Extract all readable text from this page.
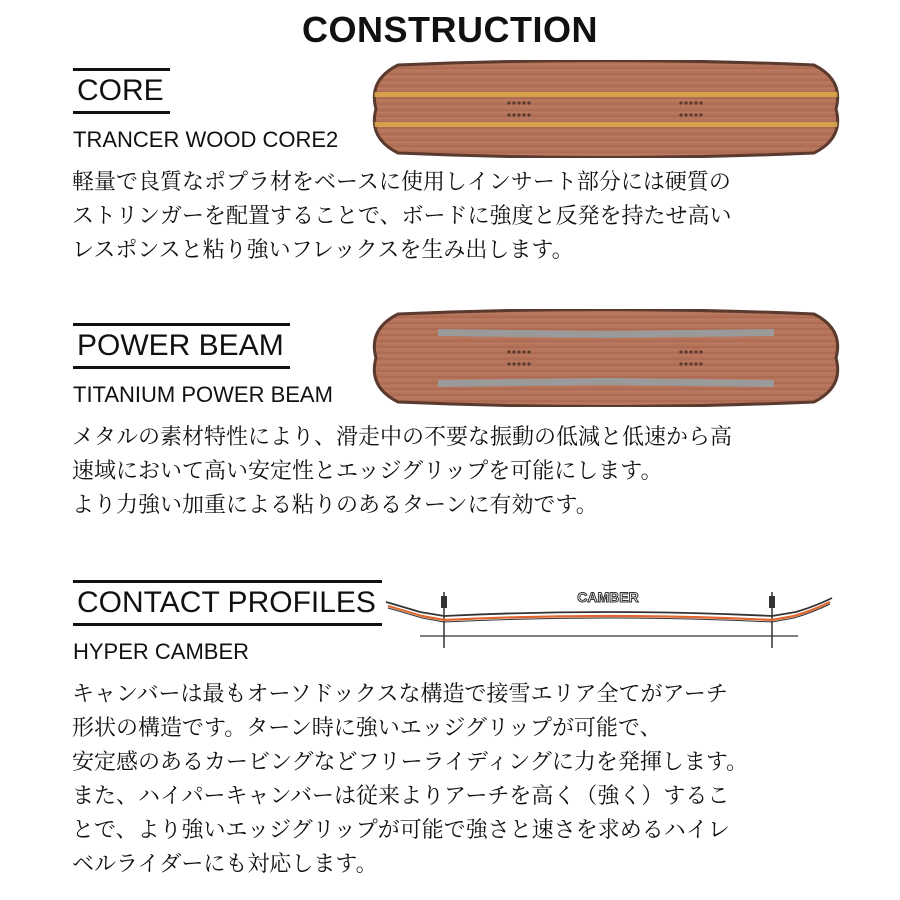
CONSTRUCTION
CORE
TRANCER WOOD CORE2
軽量で良質なポプラ材をベースに使用しインサート部分には硬質の
ストリンガーを配置することで、ボードに強度と反発を持たせ高い
レスポンスと粘り強いフレックスを生み出します。
POWER BEAM
TITANIUM POWER BEAM
メタルの素材特性により、滑走中の不要な振動の低減と低速から高
速域において高い安定性とエッジグリップを可能にします。
より力強い加重による粘りのあるターンに有効です。
CONTACT PROFILES
HYPER CAMBER
キャンバーは最もオーソドックスな構造で接雪エリア全てがアーチ
形状の構造です。ターン時に強いエッジグリップが可能で、
安定感のあるカービングなどフリーライディングに力を発揮します。
また、ハイパーキャンバーは従来よりアーチを高く（強く）するこ
とで、より強いエッジグリップが可能で強さと速さを求めるハイレ
ベルライダーにも対応します。
CAMBER
